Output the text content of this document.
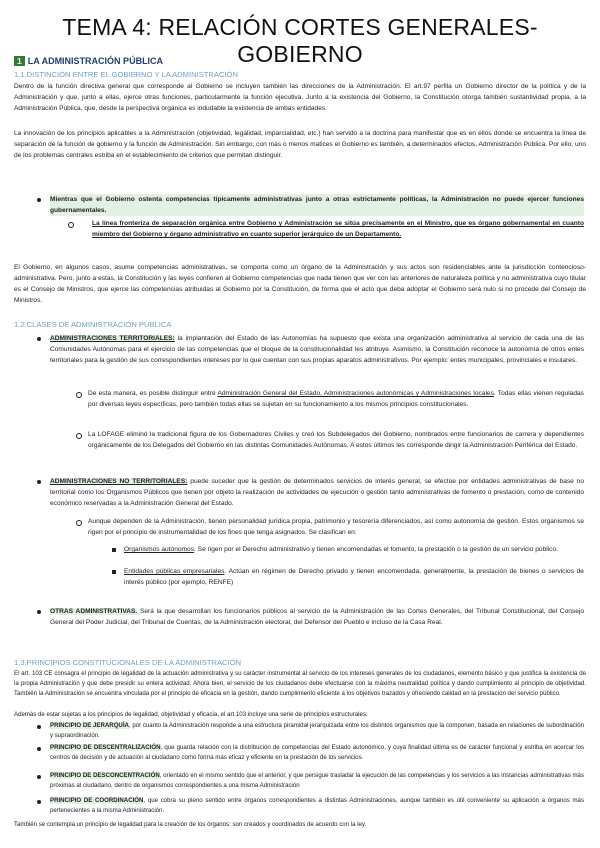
TEMA 4: RELACIÓN CORTES GENERALES-GOBIERNO
1 LA ADMINISTRACIÓN PÚBLICA
1.1.DISTINCIÓN ENTRE EL GOBIERNO Y LA ADMINISTRACIÓN
Dentro de la función directiva general que corresponde al Gobierno se incluyen también las direcciones de la Administración. El art.97 perfila un Gobierno director de la política y de la Administración y que, junto a ellas, ejerce otras funciones, particularmente la función ejecutiva. Junto a la existencia del Gobierno, la Constitución otorga también sustantividad propia, a la Administración Pública, que, desde la perspectiva orgánica es indudable la existencia de ambas entidades.
La innovación de los principios aplicables a la Administración (objetividad, legalidad, imparcialidad, etc.) han servido a la doctrina para manifestar que es en ellos donde se encuentra la línea de separación de la función de gobierno y la función de Administración. Sin embargo, con más o menos matices el Gobierno es también, a determinados efectos, Administración Pública. Por ello, uno de los problemas centrales estriba en el establecimiento de criterios que permitan distinguir.
Mientras que el Gobierno ostenta competencias típicamente administrativas junto a otras estrictamente políticas, la Administración no puede ejercer funciones gubernamentales.
La línea fronteriza de separación orgánica entre Gobierno y Administración se sitúa precisamente en el Ministro, que es órgano gobernamental en cuanto miembro del Gobierno y órgano administrativo en cuanto superior jerárquico de un Departamento.
El Gobierno, en algunos casos, asume competencias administrativas, se comporta como un órgano de la Administración y sus actos son residenciables ante la jurisdicción contencioso-administrativa. Pero, junto a estas, la Constitución y las leyes confieren al Gobierno competencias que nada tienen que ver con las anteriores de naturaleza política y no administrativa cuyo titular es el Consejo de Ministros, que ejerce las competencias atribuidas al Gobierno por la Constitución, de forma que el acto que deba adoptar el Gobierno será nulo si no procede del Consejo de Ministros.
1.2.CLASES DE ADMINISTRACIÓN PÚBLICA
ADMINISTRACIONES TERRITORIALES: la implantación del Estado de las Autonomías ha supuesto que exista una organización administrativa al servicio de cada una de las Comunidades Autónomas para el ejercicio de las competencias que el bloque de la constitucionalidad les atribuye. Asimismo, la Constitución reconoce la autonomía de otros entes territoriales para la gestión de sus correspondientes intereses por lo que cuentan con sus propias aparatos administrativos. Por ejemplo: entes municipales, provinciales e insulares.
De esta manera, es posible distinguir entre Administración General del Estado, Administraciones autonómicas y Administraciones locales. Todas ellas vienen reguladas por diversas leyes específicas, pero también todas ellas se sujetan en su funcionamiento a los mismos principios constitucionales.
La LOFAGE eliminó la tradicional figura de los Gobernadores Civiles y creó los Subdelegados del Gobierno, nombrados entre funcionarios de carrera y dependientes orgánicamente de los Delegados del Gobierno en las distintas Comunidades Autónomas. A estos últimos les corresponde dirigir la Administración Periférica del Estado.
ADMINISTRACIONES NO TERRITORIALES: puede suceder que la gestión de determinados servicios de interés general, se efectúe por entidades administrativas de base no territorial como los Organismos Públicos que tienen por objeto la realización de actividades de ejecución o gestión tanto administrativas de fomento o prestación, como de contenido económico reservadas a la Administración General del Estado.
Aunque dependen de la Administración, tienen personalidad jurídica propia, patrimonio y tesorería diferenciados, así como autonomía de gestión. Estos organismos se rigen por el principio de instrumentalidad de los fines que tenga asignados. Se clasifican en:
Organismos autónomos. Se rigen por el Derecho administrativo y tienen encomendadas el fomento, la prestación o la gestión de un servicio público.
Entidades públicas empresariales. Actúan en régimen de Derecho privado y tienen encomendada, generalmente, la prestación de bienes o servicios de interés público (por ejemplo, RENFE)
OTRAS ADMINISTRATIVAS. Será la que desarrollan los funcionarios públicos al servicio de la Administración de las Cortes Generales, del Tribunal Constitucional, del Consejo General del Poder Judicial, del Tribunal de Cuentas, de la Administración electoral, del Defensor del Pueblo e incluso de la Casa Real.
1.3.PRINCIPIOS CONSTITUCIONALES DE LA ADMINISTRACIÓN
El art. 103 CE consagra el principio de legalidad de la actuación administrativa y su carácter instrumental al servicio de los intereses generales de los ciudadanos, elemento básico y que justifica la existencia de la propia Administración y que debe presidir su entera actividad. Ahora bien, el servicio de los ciudadanos debe efectuarse con la máxima neutralidad política y dando cumplimiento al principio de objetividad. También la Administración se encuentra vinculada por el principio de eficacia en la gestión, dando cumplimiento eficiente a los objetivos trazados y ofreciendo calidad en la prestación del servicio público.
Además de estar sujetas a los principios de legalidad, objetividad y eficacia, el art.103 incluye una serie de principios estructurales:
PRINCIPIO DE JERARQUÍA, por cuanto la Administración responde a una estructura piramidal jerarquizada entre los distintos organismos que la componen, basada en relaciones de subordinación y supraordinación.
PRINCIPIO DE DESCENTRALIZACIÓN, que guarda relación con la distribución de competencias del Estado autonómico, y cuya finalidad última es de carácter funcional y estriba en acercar los centros de decisión y de actuación al ciudadano como forma más eficaz y eficiente en la prestación de los servicios.
PRINCIPIO DE DESCONCENTRACIÓN, orientado en el mismo sentido que el anterior, y que persigue trasladar la ejecución de las competencias y los servicios a las instancias administrativas más próximas al ciudadano, dentro de organismos correspondientes a una misma Administración
PRINCIPIO DE COORDINACIÓN, que cobra su pleno sentido entre órganos correspondientes a distintas Administraciones, aunque también es útil conveniente su aplicación a órganos más pertenecientes a la misma Administración.
También se contempla un principio de legalidad para la creación de los órganos: son creados y coordinados de acuerdo con la ley.
